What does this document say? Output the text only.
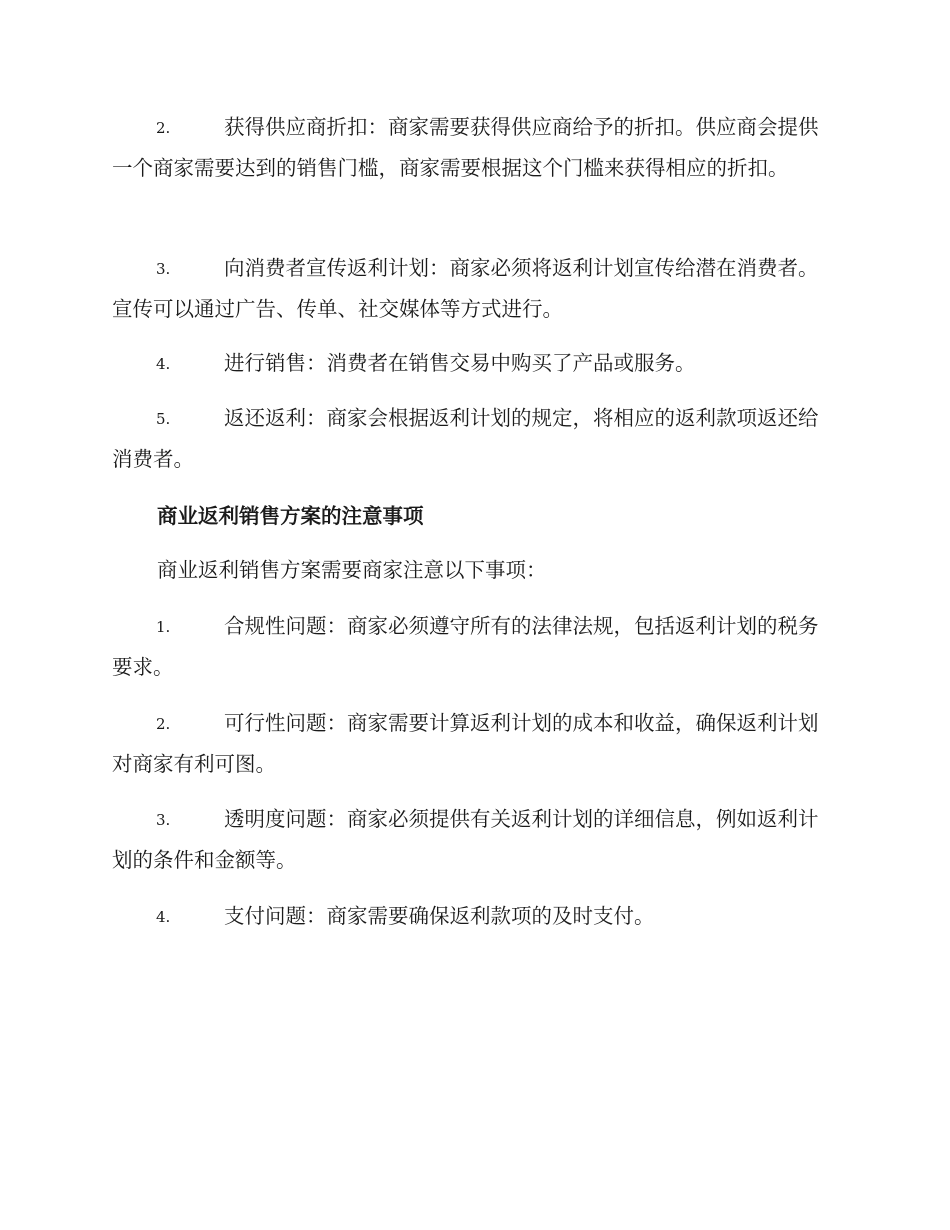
2.	获得供应商折扣：商家需要获得供应商给予的折扣。供应商会提供一个商家需要达到的销售门槛，商家需要根据这个门槛来获得相应的折扣。

3.	向消费者宣传返利计划：商家必须将返利计划宣传给潜在消费者。宣传可以通过广告、传单、社交媒体等方式进行。

4.	进行销售：消费者在销售交易中购买了产品或服务。

5.	返还返利：商家会根据返利计划的规定，将相应的返利款项返还给消费者。

商业返利销售方案的注意事项

商业返利销售方案需要商家注意以下事项：

1.	合规性问题：商家必须遵守所有的法律法规，包括返利计划的税务要求。

2.	可行性问题：商家需要计算返利计划的成本和收益，确保返利计划对商家有利可图。

3.	透明度问题：商家必须提供有关返利计划的详细信息，例如返利计划的条件和金额等。

4.	支付问题：商家需要确保返利款项的及时支付。
